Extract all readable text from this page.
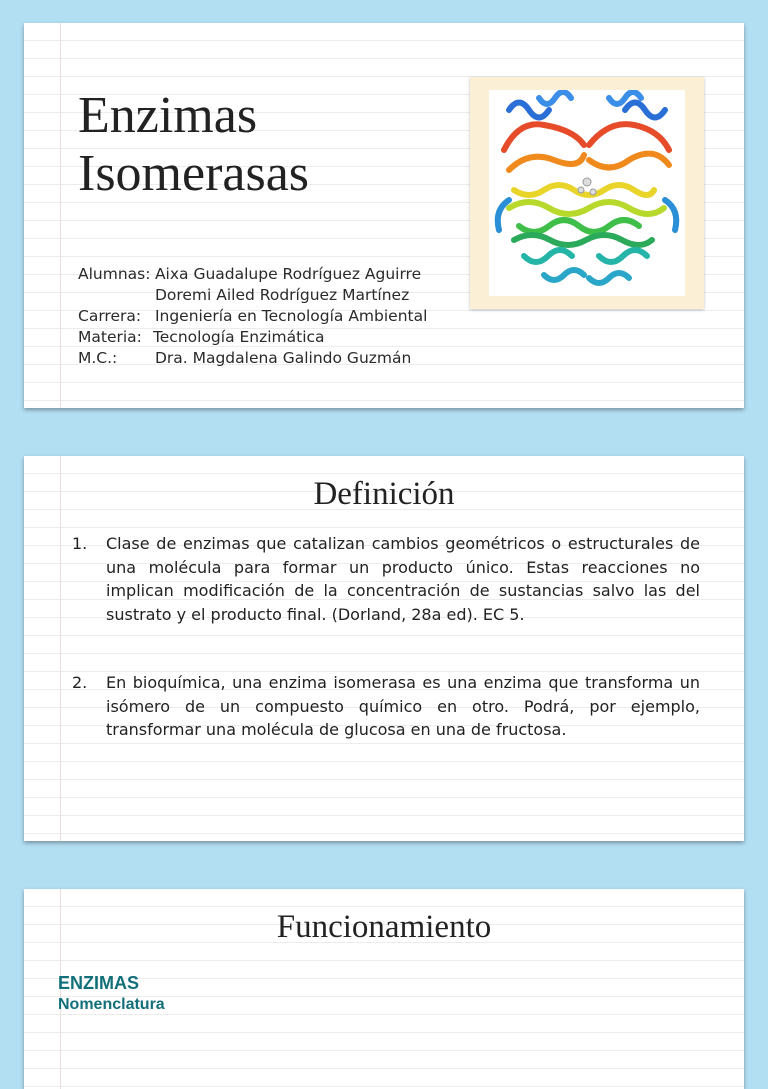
Enzimas
Isomerasas
Alumnas: Aixa Guadalupe Rodríguez Aguirre
Doremi Ailed Rodríguez Martínez
Carrera: Ingeniería en Tecnología Ambiental
Materia: Tecnología Enzimática
M.C.: Dra. Magdalena Galindo Guzmán
Definición
1.	Clase de enzimas que catalizan cambios geométricos o estructurales de una molécula para formar un producto único. Estas reacciones no implican modificación de la concentración de sustancias salvo las del sustrato y el producto final. (Dorland, 28a ed). EC 5.
2.	En bioquímica, una enzima isomerasa es una enzima que transforma un isómero de un compuesto químico en otro. Podrá, por ejemplo, transformar una molécula de glucosa en una de fructosa.
Funcionamiento
ENZIMAS
Nomenclatura
